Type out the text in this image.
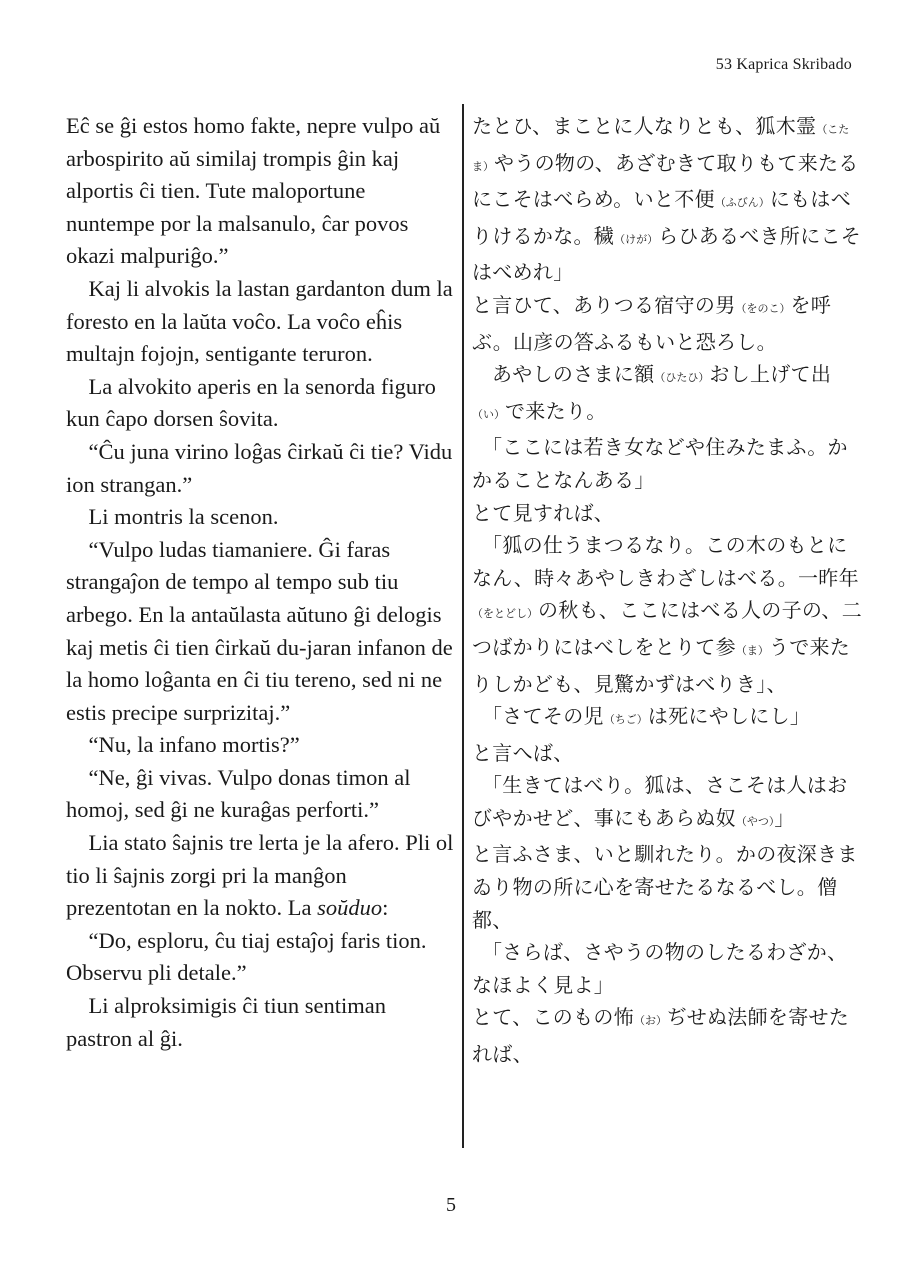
53 Kaprica Skribado

Eĉ se ĝi estos homo fakte, nepre vulpo aŭ arbospirito aŭ similaj trompis ĝin kaj alportis ĉi tien. Tute maloportune nuntempe por la malsanulo, ĉar povos okazi malpuriĝo.”

Kaj li alvokis la lastan gardanton dum la foresto en la laŭta voĉo. La voĉo eĥis multajn fojojn, sentigante teruron.

La alvokito aperis en la senorda figuro kun ĉapo dorsen ŝovita.

“Ĉu juna virino loĝas ĉirkaŭ ĉi tie? Vidu ion strangan.”

Li montris la scenon.

“Vulpo ludas tiamaniere. Ĝi faras strangaĵon de tempo al tempo sub tiu arbego. En la antaŭlasta aŭtuno ĝi delogis kaj metis ĉi tien ĉirkaŭ du-jaran infanon de la homo loĝanta en ĉi tiu tereno, sed ni ne estis precipe surprizitaj.”

“Nu, la infano mortis?”

“Ne, ĝi vivas. Vulpo donas timon al homoj, sed ĝi ne kuraĝas perforti.”

Lia stato ŝajnis tre lerta je la afero. Pli ol tio li ŝajnis zorgi pri la manĝon prezentotan en la nokto. La soŭduo:

“Do, esploru, ĉu tiaj estaĵoj faris tion. Observu pli detale.”

Li alproksimigis ĉi tiun sentiman pastron al ĝi.

たとひ、まことに人なりとも、狐木霊（こたま）やうの物の、あざむきて取りもて来たるにこそはべらめ。いと不便（ふびん）にもはべりけるかな。穢（けが）らひあるべき所にこそはべめれ」

と言ひて、ありつる宿守の男（をのこ）を呼ぶ。山彦の答ふるもいと恐ろし。

あやしのさまに額（ひたひ）おし上げて出（い）で来たり。

「ここには若き女などや住みたまふ。かかることなんある」

とて見すれば、

「狐の仕うまつるなり。この木のもとになん、時々あやしきわざしはべる。一昨年（をとどし）の秋も、ここにはべる人の子の、二つばかりにはべしをとりて参（ま）うで来たりしかども、見驚かずはべりき」、

「さてその児（ちご）は死にやしにし」

と言へば、

「生きてはべり。狐は、さこそは人はおびやかせど、事にもあらぬ奴（やつ）」

と言ふさま、いと馴れたり。かの夜深きまゐり物の所に心を寄せたるなるべし。僧都、

「さらば、さやうの物のしたるわざか、なほよく見よ」

とて、このもの怖（お）ぢせぬ法師を寄せたれば、

5
